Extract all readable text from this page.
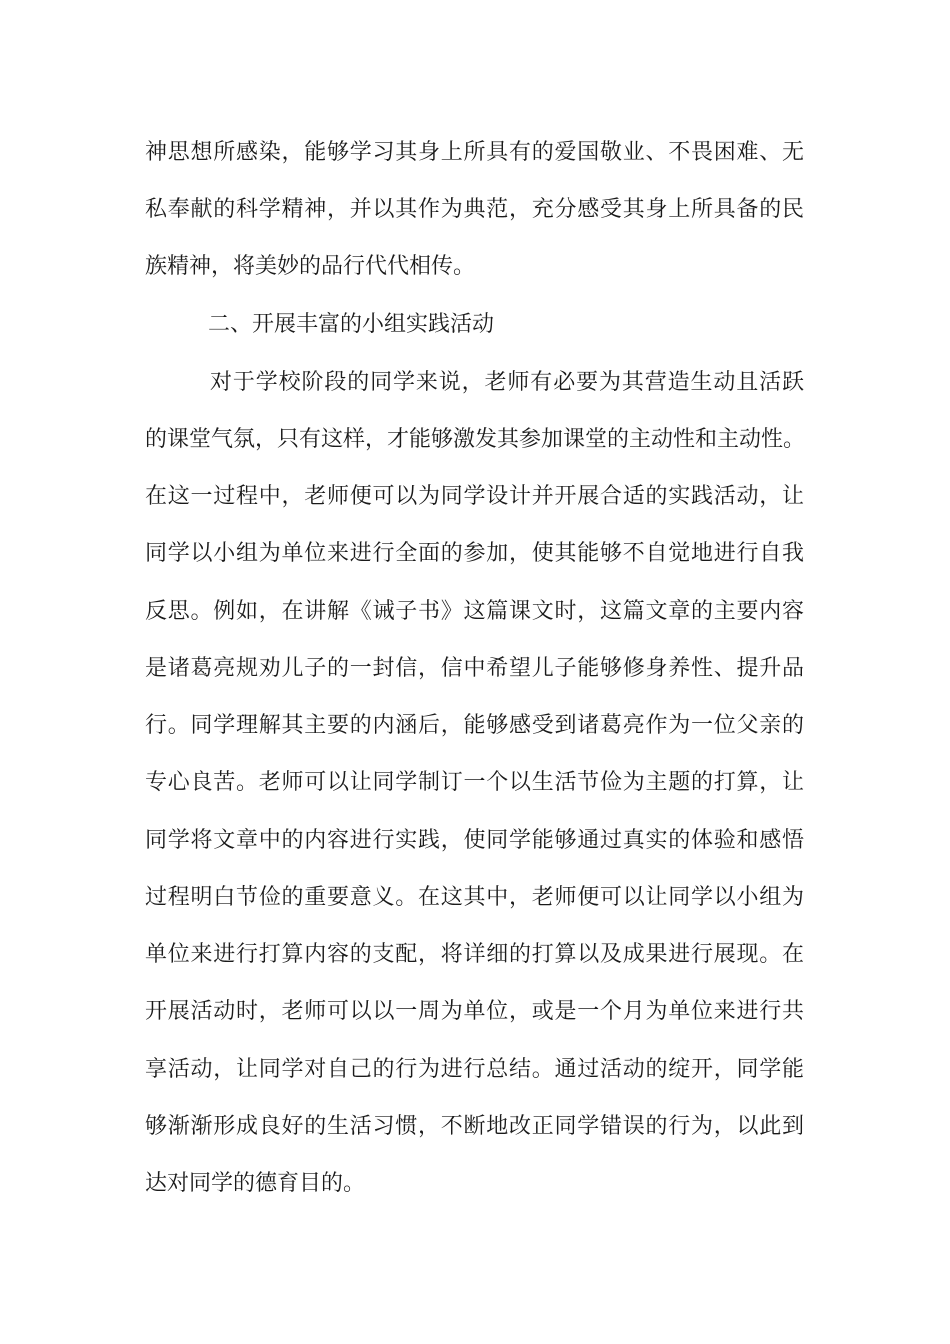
神思想所感染，能够学习其身上所具有的爱国敬业、不畏困难、无

私奉献的科学精神，并以其作为典范，充分感受其身上所具备的民

族精神，将美妙的品行代代相传。

二、开展丰富的小组实践活动

对于学校阶段的同学来说，老师有必要为其营造生动且活跃

的课堂气氛，只有这样，才能够激发其参加课堂的主动性和主动性。

在这一过程中，老师便可以为同学设计并开展合适的实践活动，让

同学以小组为单位来进行全面的参加，使其能够不自觉地进行自我

反思。例如，在讲解《诫子书》这篇课文时，这篇文章的主要内容

是诸葛亮规劝儿子的一封信，信中希望儿子能够修身养性、提升品

行。同学理解其主要的内涵后，能够感受到诸葛亮作为一位父亲的

专心良苦。老师可以让同学制订一个以生活节俭为主题的打算，让

同学将文章中的内容进行实践，使同学能够通过真实的体验和感悟

过程明白节俭的重要意义。在这其中，老师便可以让同学以小组为

单位来进行打算内容的支配，将详细的打算以及成果进行展现。在

开展活动时，老师可以以一周为单位，或是一个月为单位来进行共

享活动，让同学对自己的行为进行总结。通过活动的绽开，同学能

够渐渐形成良好的生活习惯，不断地改正同学错误的行为，以此到

达对同学的德育目的。
